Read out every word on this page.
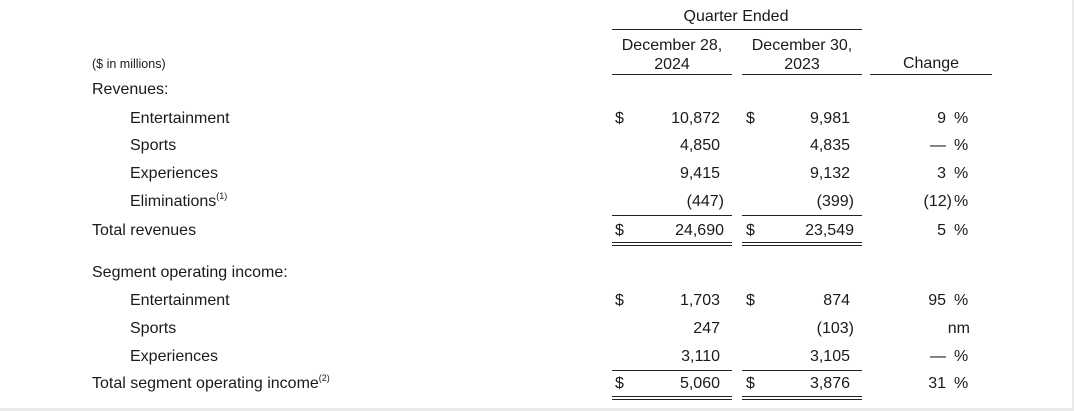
Quarter Ended
December 28,
2024
December 30,
2023	Change
($ in millions)
Revenues:
Entertainment	$	10,872 $	9,981	9 %
Sports	4,850	4,835	— %
Experiences	9,415	9,132	3 %
Eliminations$^{(1)}$	(447)	(399)	(12) %
Total revenues	$	24,690 $	23,549	5 %
Segment operating income:
Entertainment	$	1,703 $	874	95 %
Sports	247	(103)	nm
Experiences	3,110	3,105	— %
Total segment operating income$^{(2)}$	$	5,060 $	3,876	31 %
